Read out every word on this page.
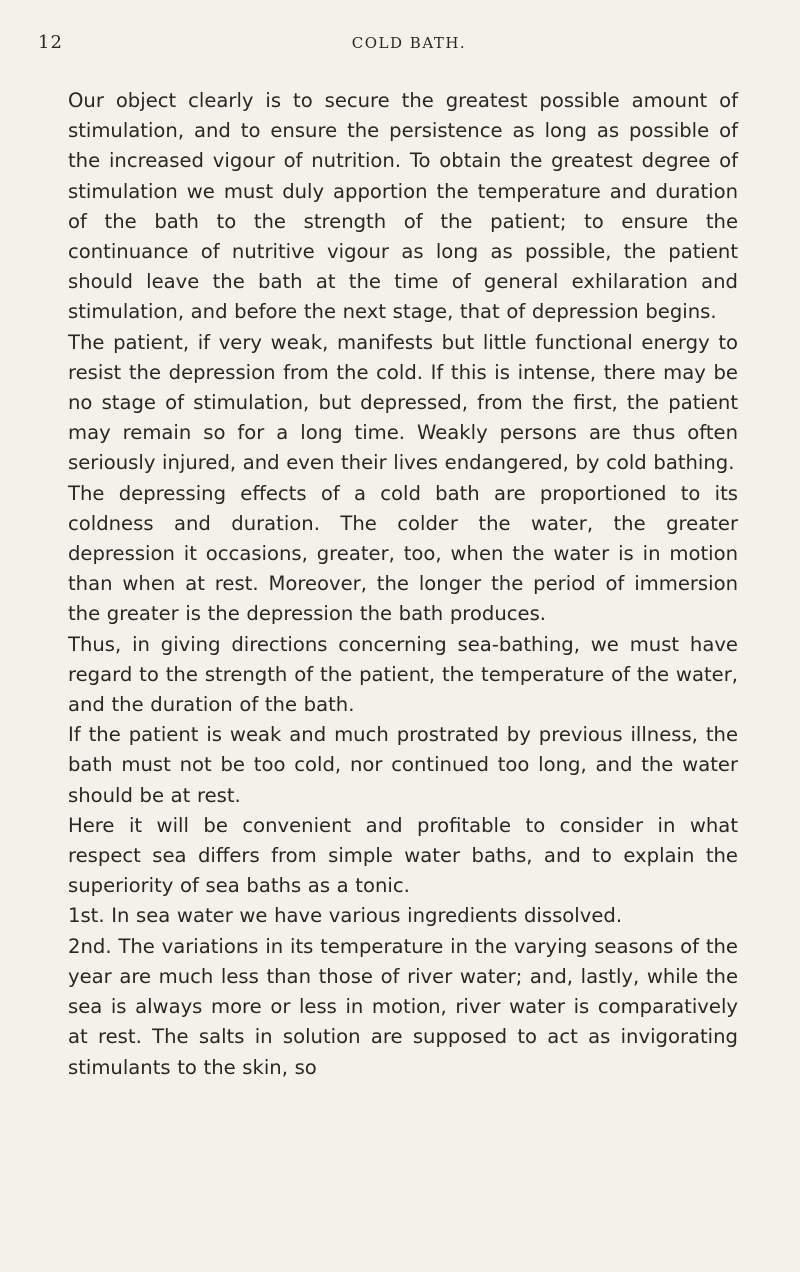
12	COLD BATH.

Our object clearly is to secure the greatest possible amount of stimulation, and to ensure the persistence as long as possible of the increased vigour of nutrition. To obtain the greatest degree of stimulation we must duly apportion the temperature and duration of the bath to the strength of the patient; to ensure the continuance of nutritive vigour as long as possible, the patient should leave the bath at the time of general exhilaration and stimulation, and before the next stage, that of depression begins.

The patient, if very weak, manifests but little functional energy to resist the depression from the cold. If this is intense, there may be no stage of stimulation, but depressed, from the first, the patient may remain so for a long time. Weakly persons are thus often seriously injured, and even their lives endangered, by cold bathing.

The depressing effects of a cold bath are proportioned to its coldness and duration. The colder the water, the greater depression it occasions, greater, too, when the water is in motion than when at rest. Moreover, the longer the period of immersion the greater is the depression the bath produces.

Thus, in giving directions concerning sea-bathing, we must have regard to the strength of the patient, the temperature of the water, and the duration of the bath.

If the patient is weak and much prostrated by previous illness, the bath must not be too cold, nor continued too long, and the water should be at rest.

Here it will be convenient and profitable to consider in what respect sea differs from simple water baths, and to explain the superiority of sea baths as a tonic.

1st. In sea water we have various ingredients dissolved.

2nd. The variations in its temperature in the varying seasons of the year are much less than those of river water; and, lastly, while the sea is always more or less in motion, river water is comparatively at rest. The salts in solution are supposed to act as invigorating stimulants to the skin, so
